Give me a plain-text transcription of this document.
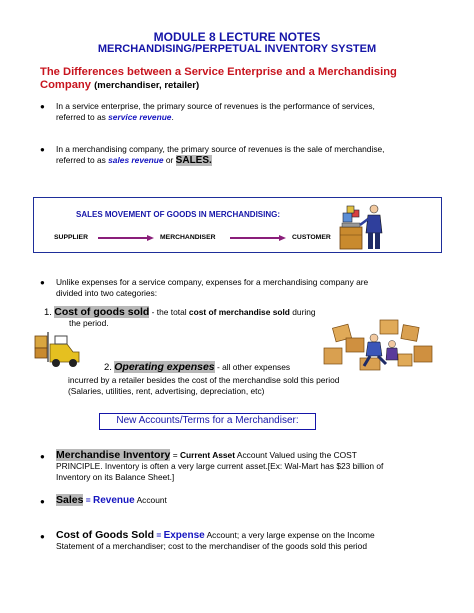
MODULE 8 LECTURE NOTES
MERCHANDISING/PERPETUAL INVENTORY SYSTEM
The Differences between a Service Enterprise and a Merchandising Company (merchandiser, retailer)
● In a service enterprise, the primary source of revenues is the performance of services,
referred to as service revenue.
● In a merchandising company, the primary source of revenues is the sale of merchandise,
referred to as sales revenue or SALES.
SALES MOVEMENT OF GOODS IN MERCHANDISING:
SUPPLIER	MERCHANDISER	CUSTOMER
● Unlike expenses for a service company, expenses for a merchandising company are
divided into two categories:
1. Cost of goods sold - the total cost of merchandise sold during
the period.
2. Operating expenses - all other expenses
incurred by a retailer besides the cost of the merchandise sold this period
(Salaries, utilities, rent, advertising, depreciation, etc)
New Accounts/Terms for a Merchandiser:
● Merchandise Inventory = Current Asset Account Valued using the COST
PRINCIPLE. Inventory is often a very large current asset.[Ex: Wal-Mart has $23 billion of
Inventory on its Balance Sheet.]
● Sales = Revenue Account
● Cost of Goods Sold = Expense Account; a very large expense on the Income
Statement of a merchandiser; cost to the merchandiser of the goods sold this period
